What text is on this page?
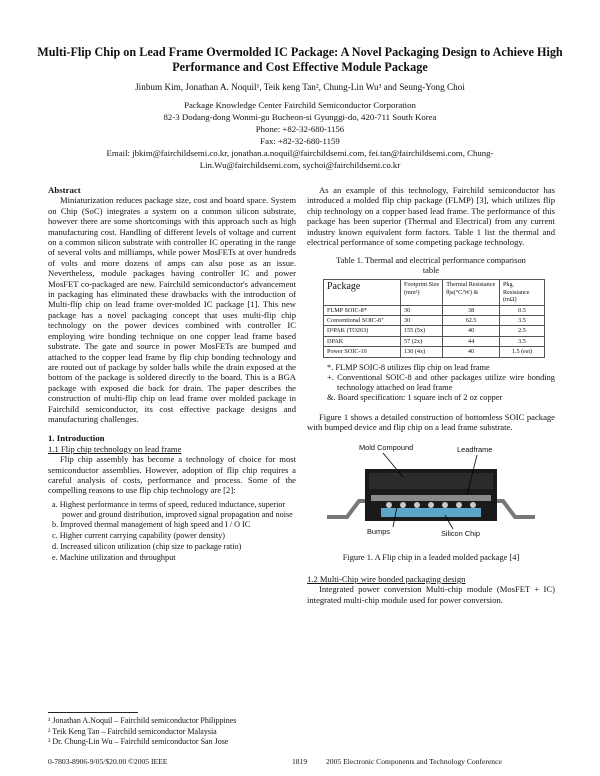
Multi-Flip Chip on Lead Frame Overmolded IC Package: A Novel Packaging Design to Achieve High Performance and Cost Effective Module Package
Jinbum Kim, Jonathan A. Noquil¹, Teik keng Tan², Chung-Lin Wu³ and Seung-Yong Choi
Package Knowledge Center Fairchild Semiconductor Corporation
82-3 Dodang-dong Wonmi-gu Bucheon-si Gyunggi-do, 420-711 South Korea
Phone: +82-32-680-1156
Fax: +82-32-680-1159
Email: jbkim@fairchildsemi.co.kr, jonathan.a.noquil@fairchildsemi.com, fei.tan@fairchildsemi.com, Chung-Lin.Wu@fairchildsemi.com, sychoi@fairchildsemi.co.kr
Abstract

Miniaturization reduces package size, cost and board space. System on Chip (SoC) integrates a system on a common silicon substrate, however there are some shortcomings with this approach such as high manufacturing cost. Handling of different levels of voltage and current on a common silicon substrate with controller IC operating in the range of several volts and milliamps, while power MosFETs at over hundreds of volts and more dozens of amps can also pose as an issue. Nevertheless, module packages having controller IC and power MosFET co-packaged are new. Fairchild semiconductor's advancement in packaging has eliminated these drawbacks with the introduction of Multi-flip chip on lead frame over-molded IC package [1]. This new package has a novel packaging concept that uses multi-flip chip technology on the power devices combined with controller IC employing wire bonding technique on one copper lead frame based substrate. The gate and source in power MosFETs are bumped and attached to the copper lead frame by flip chip bonding technology and are routed out of package by solder balls while the drain exposed at the bottom of the package is soldered directly to the board. This is a BGA package with exposed die back for drain. The paper describes the construction of multi-flip chip on lead frame over molded package in Fairchild semiconductor, its cost effective package designs and manufacturing challenges.

1. Introduction
1.1 Flip chip technology on lead frame

Flip chip assembly has become a technology of choice for most semiconductor assemblies. However, adoption of flip chip requires a careful analysis of costs, performance and process. Some of the compelling reasons to use flip chip technology are [2]:

a. Highest performance in terms of speed, reduced inductance, superior power and ground distribution, improved signal propagation and noise
b. Improved thermal management of high speed and I / O IC
c. Higher current carrying capability (power density)
d. Increased silicon utilization (chip size to package ratio)
e. Machine utilization and throughput
¹ Jonathan A.Noquil – Fairchild semiconductor Philippines
² Teik Keng Tan – Fairchild semiconductor Malaysia
³ Dr. Chung-Lin Wu – Fairchild semiconductor San Jose

As an example of this technology, Fairchild semiconductor has introduced a molded flip chip package (FLMP) [3], which utilizes flip chip technology on a copper based lead frame. The performance of this package has been superior (Thermal and Electrical) from any current industry known equivalent form factors. Table 1 list the thermal and electrical performance of some competing package technology.

Table 1. Thermal and electrical performance comparison table
Package	Footprint Size (mm²)	Thermal Resistance θja(°C/W) &	Pkg. Resistance (mΩ)
FLMP SOIC-8*	30	38	0.5
Conventional SOIC-8⁺	30	62.5	3.5
D²PAK (TO263)	155 (5x)	40	2.5
DPAK	57 (2x)	44	3.5
Power SOIC-10	130 (4x)	40	1.5 (est)
*. FLMP SOIC-8 utilizes flip chip on lead frame
+. Conventional SOIC-8 and other packages utilize wire bonding technology attached on lead frame
&. Board specification: 1 square inch of 2 oz copper

Figure 1 shows a detailed construction of bottomless SOIC package with bumped device and flip chip on a lead frame substrate.

Mold Compound	Leadframe
Bumps	Silicon Chip
Figure 1. A Flip chip in a leaded molded package [4]
1.2 Multi-Chip wire bonded packaging design

Integrated power conversion Multi-chip module (MosFET + IC) integrated multi-chip module used for power conversion.

0-7803-8906-9/05/$20.00 ©2005 IEEE	1819 2005 Electronic Components and Technology Conference
